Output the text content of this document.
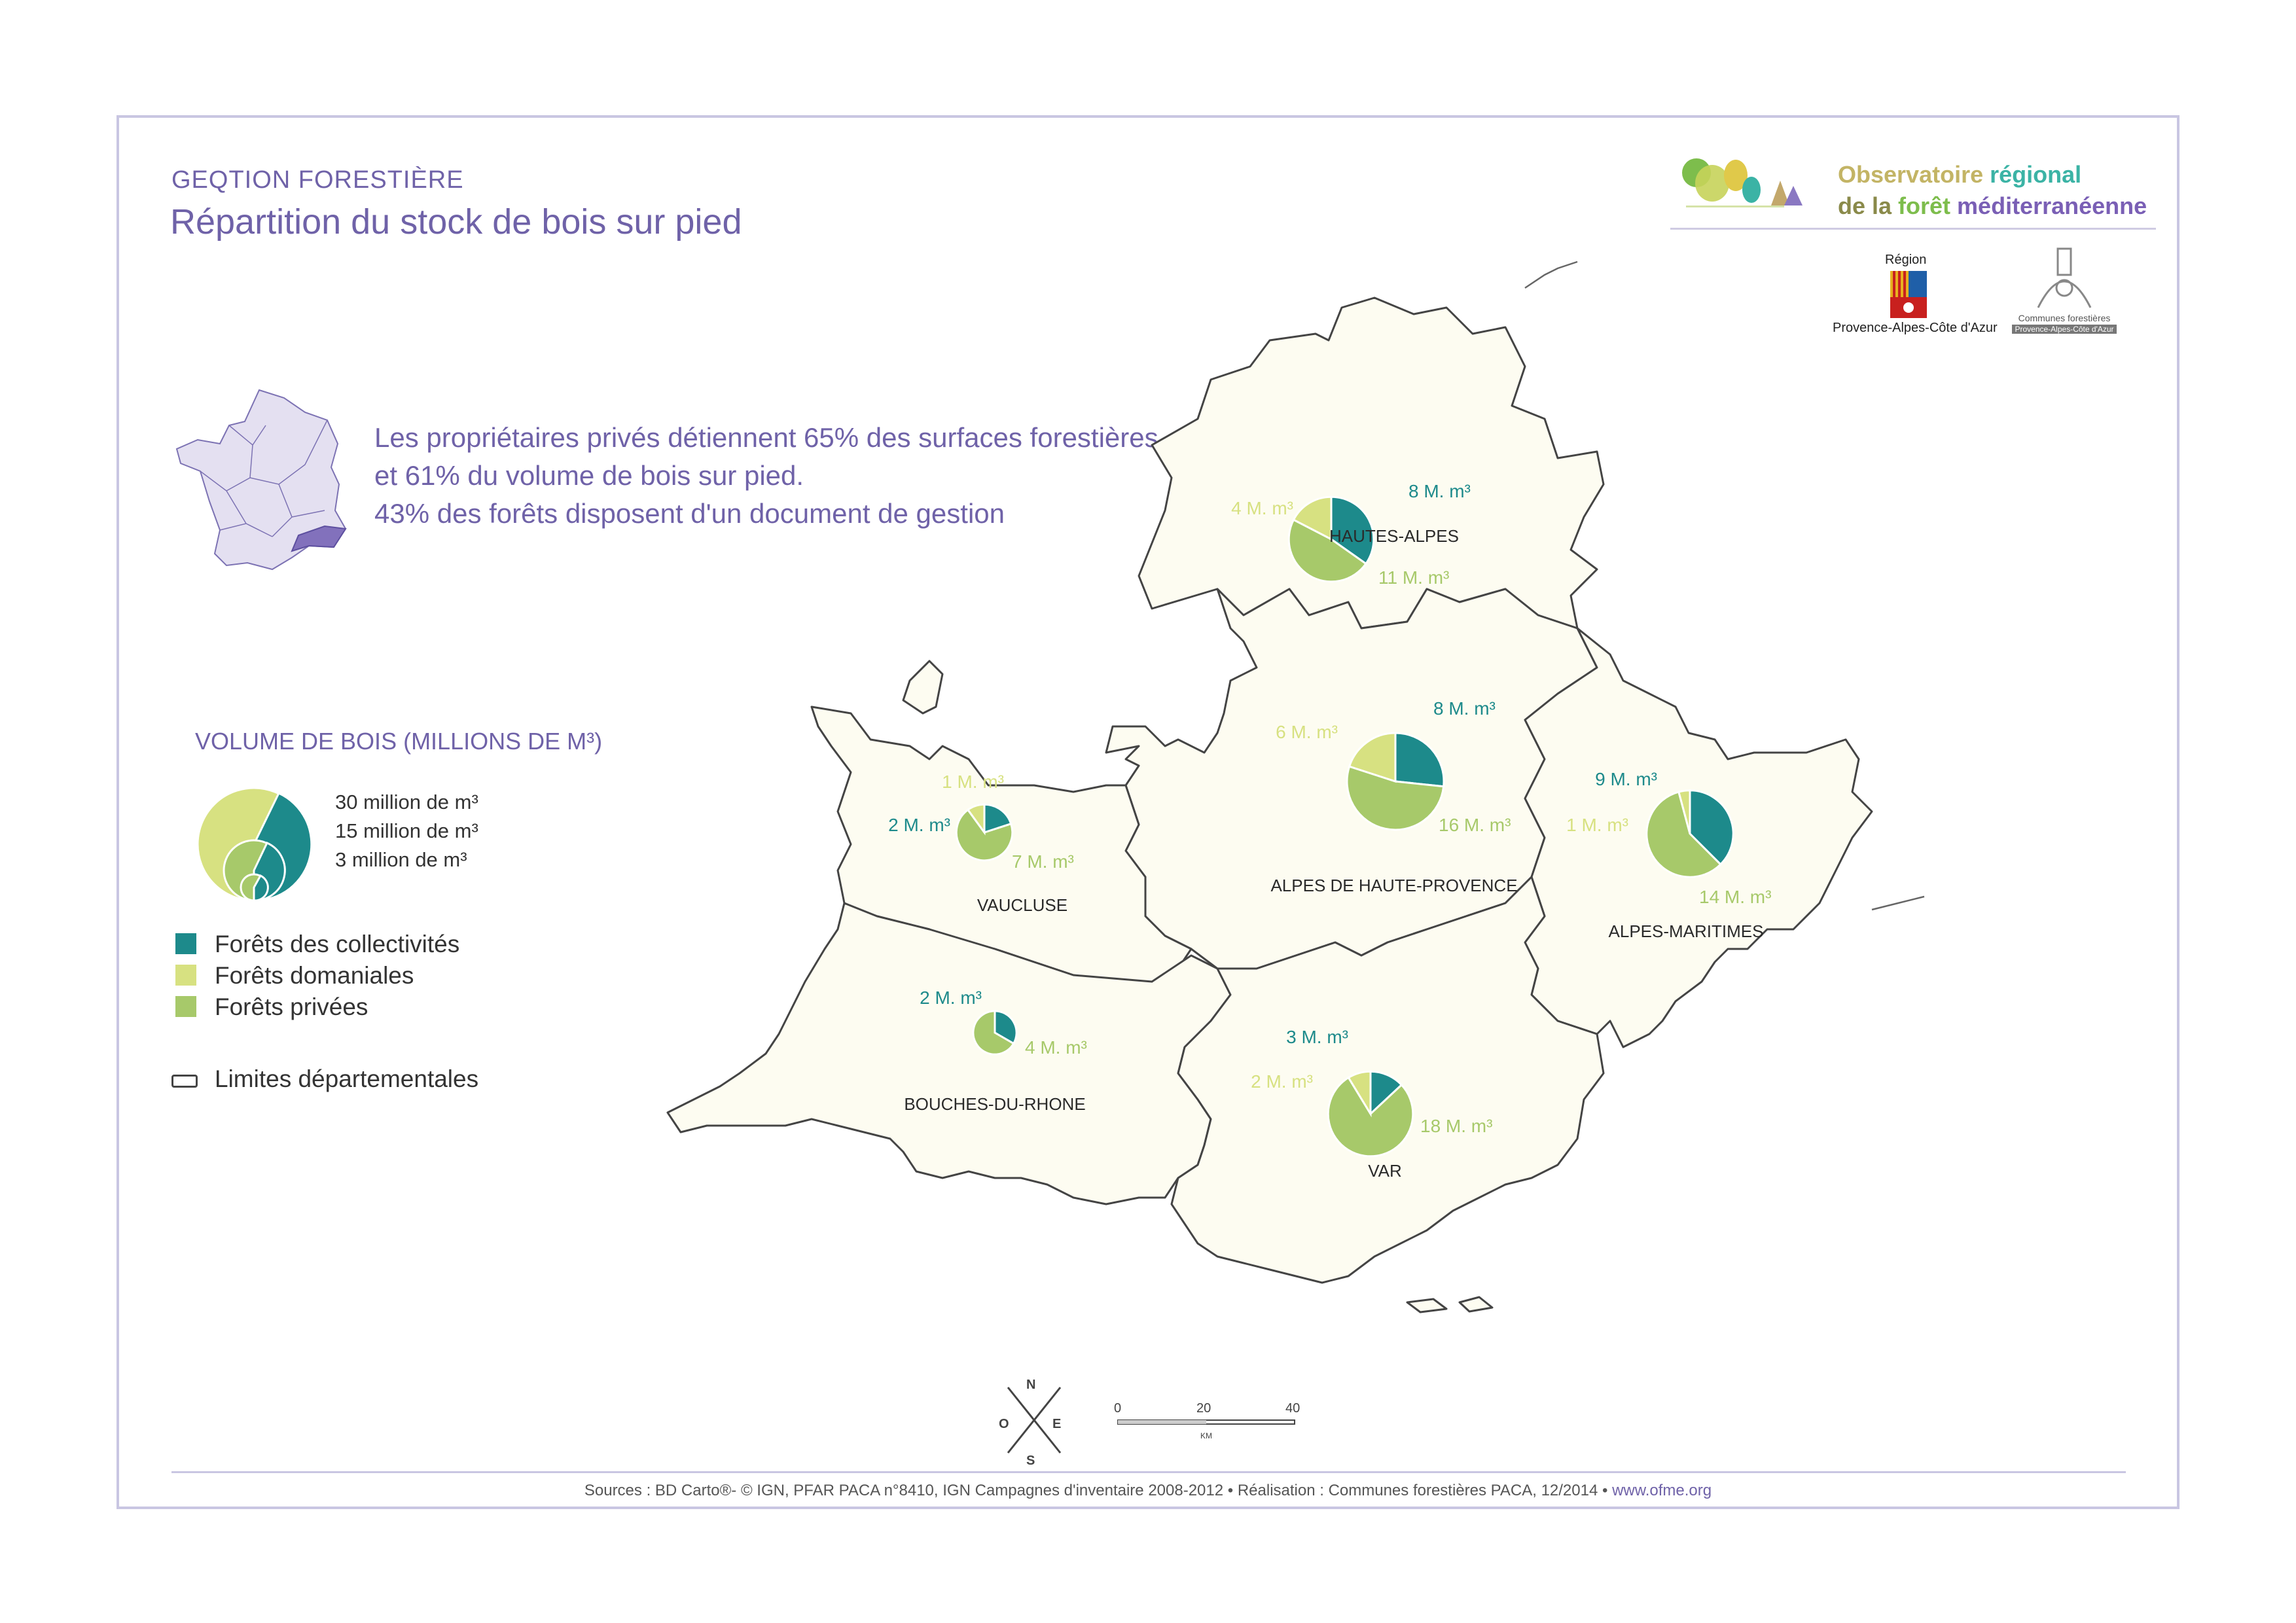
GEQTION FORESTIÈRE
Répartition du stock de bois sur pied
Observatoire régional
de la forêt méditerranéenne
Région
Provence-Alpes-Côte d'Azur
Communes forestières
Provence-Alpes-Côte d'Azur
Les propriétaires privés détiennent 65% des surfaces forestières
et 61% du volume de bois sur pied.
43% des forêts disposent d'un document de gestion
VOLUME DE BOIS (MILLIONS DE M³)
30 million de m³
15 million de m³
3 million de m³
Forêts des collectivités
Forêts domaniales
Forêts privées
Limites départementales
HAUTES-ALPES
8 M. m³
4 M. m³
11 M. m³
ALPES DE HAUTE-PROVENCE
8 M. m³
6 M. m³
16 M. m³
ALPES-MARITIMES
9 M. m³
1 M. m³
14 M. m³
VAUCLUSE
2 M. m³
1 M. m³
7 M. m³
BOUCHES-DU-RHONE
2 M. m³
4 M. m³
VAR
3 M. m³
2 M. m³
18 M. m³
N
S
E
O
0	20	40
KM
Sources : BD Carto®- © IGN, PFAR PACA n°8410, IGN Campagnes d'inventaire 2008-2012 • Réalisation : Communes forestières PACA, 12/2014 • www.ofme.org
